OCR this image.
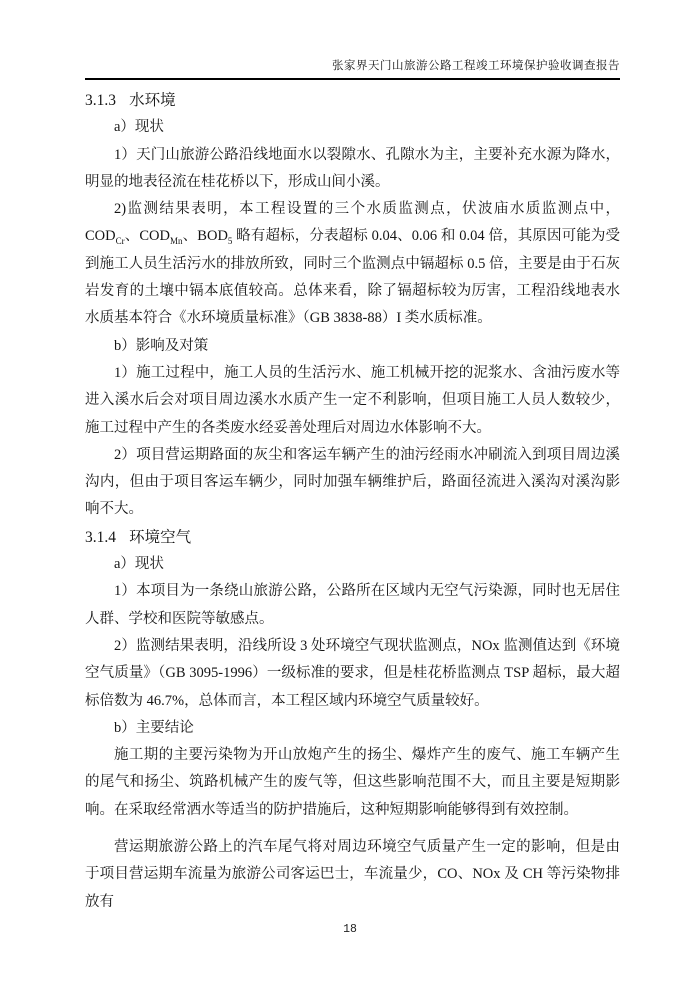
张家界天门山旅游公路工程竣工环境保护验收调查报告
3.1.3 水环境

a）现状

1）天门山旅游公路沿线地面水以裂隙水、孔隙水为主，主要补充水源为降水，明显的地表径流在桂花桥以下，形成山间小溪。

2)监测结果表明，本工程设置的三个水质监测点，伏波庙水质监测点中，$COD_{Cr}$、$COD_{Mn}$、$BOD_5$ 略有超标，分表超标 0.04、0.06 和 0.04 倍，其原因可能为受到施工人员生活污水的排放所致，同时三个监测点中镉超标 0.5 倍，主要是由于石灰岩发育的土壤中镉本底值较高。总体来看，除了镉超标较为厉害，工程沿线地表水水质基本符合《水环境质量标准》（GB 3838-88）I 类水质标准。

b）影响及对策

1）施工过程中，施工人员的生活污水、施工机械开挖的泥浆水、含油污废水等进入溪水后会对项目周边溪水水质产生一定不利影响，但项目施工人员人数较少，施工过程中产生的各类废水经妥善处理后对周边水体影响不大。

2）项目营运期路面的灰尘和客运车辆产生的油污经雨水冲刷流入到项目周边溪沟内，但由于项目客运车辆少，同时加强车辆维护后，路面径流进入溪沟对溪沟影响不大。

3.1.4 环境空气

a）现状

1）本项目为一条绕山旅游公路，公路所在区域内无空气污染源，同时也无居住人群、学校和医院等敏感点。

2）监测结果表明，沿线所设 3 处环境空气现状监测点，NOx 监测值达到《环境空气质量》（GB 3095-1996）一级标准的要求，但是桂花桥监测点 TSP 超标，最大超标倍数为 46.7%，总体而言，本工程区域内环境空气质量较好。

b）主要结论

施工期的主要污染物为开山放炮产生的扬尘、爆炸产生的废气、施工车辆产生的尾气和扬尘、筑路机械产生的废气等，但这些影响范围不大，而且主要是短期影响。在采取经常洒水等适当的防护措施后，这种短期影响能够得到有效控制。

营运期旅游公路上的汽车尾气将对周边环境空气质量产生一定的影响，但是由于项目营运期车流量为旅游公司客运巴士，车流量少，CO、NOx 及 CH 等污染物排放有

18
